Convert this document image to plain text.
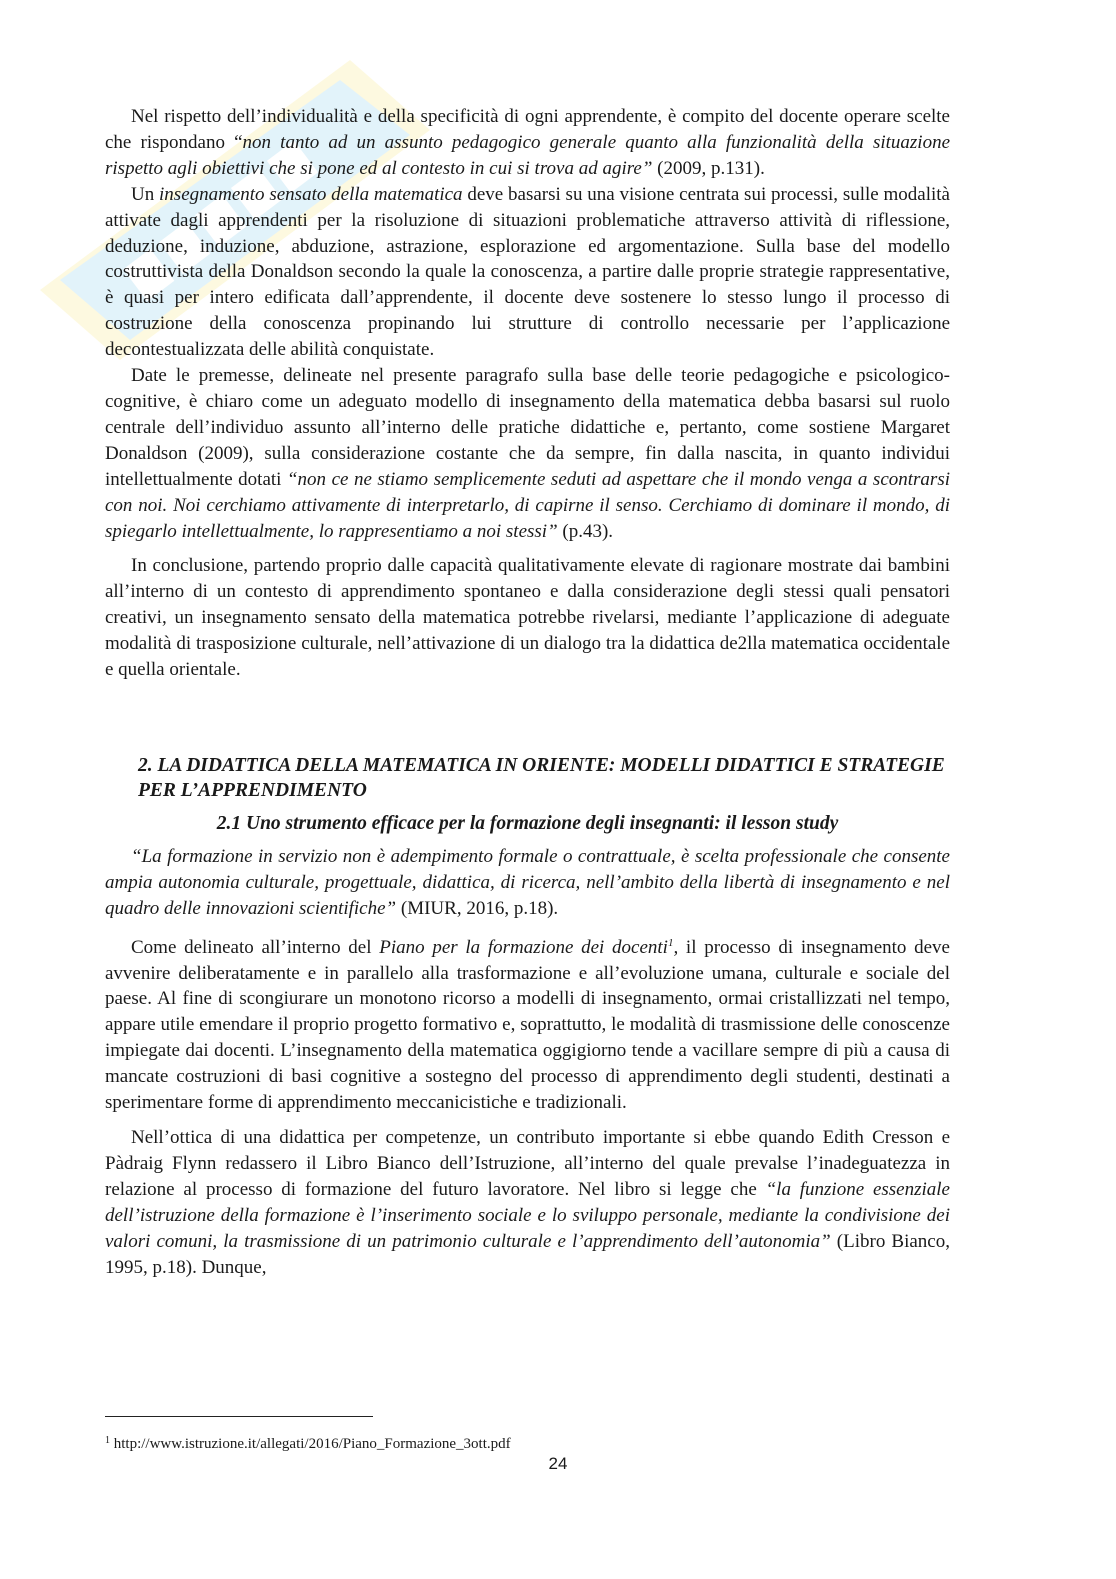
Nel rispetto dell’individualità e della specificità di ogni apprendente, è compito del docente operare scelte che rispondano “non tanto ad un assunto pedagogico generale quanto alla funzionalità della situazione rispetto agli obiettivi che si pone ed al contesto in cui si trova ad agire” (2009, p.131).

Un insegnamento sensato della matematica deve basarsi su una visione centrata sui processi, sulle modalità attivate dagli apprendenti per la risoluzione di situazioni problematiche attraverso attività di riflessione, deduzione, induzione, abduzione, astrazione, esplorazione ed argomentazione. Sulla base del modello costruttivista della Donaldson secondo la quale la conoscenza, a partire dalle proprie strategie rappresentative, è quasi per intero edificata dall’apprendente, il docente deve sostenere lo stesso lungo il processo di costruzione della conoscenza propinando lui strutture di controllo necessarie per l’applicazione decontestualizzata delle abilità conquistate.

Date le premesse, delineate nel presente paragrafo sulla base delle teorie pedagogiche e psicologico-cognitive, è chiaro come un adeguato modello di insegnamento della matematica debba basarsi sul ruolo centrale dell’individuo assunto all’interno delle pratiche didattiche e, pertanto, come sostiene Margaret Donaldson (2009), sulla considerazione costante che da sempre, fin dalla nascita, in quanto individui intellettualmente dotati “non ce ne stiamo semplicemente seduti ad aspettare che il mondo venga a scontrarsi con noi. Noi cerchiamo attivamente di interpretarlo, di capirne il senso. Cerchiamo di dominare il mondo, di spiegarlo intellettualmente, lo rappresentiamo a noi stessi” (p.43).

In conclusione, partendo proprio dalle capacità qualitativamente elevate di ragionare mostrate dai bambini all’interno di un contesto di apprendimento spontaneo e dalla considerazione degli stessi quali pensatori creativi, un insegnamento sensato della matematica potrebbe rivelarsi, mediante l’applicazione di adeguate modalità di trasposizione culturale, nell’attivazione di un dialogo tra la didattica de2lla matematica occidentale e quella orientale.

2. LA DIDATTICA DELLA MATEMATICA IN ORIENTE: MODELLI DIDATTICI E STRATEGIE PER L’APPRENDIMENTO
2.1 Uno strumento efficace per la formazione degli insegnanti: il lesson study

“La formazione in servizio non è adempimento formale o contrattuale, è scelta professionale che consente ampia autonomia culturale, progettuale, didattica, di ricerca, nell’ambito della libertà di insegnamento e nel quadro delle innovazioni scientifiche” (MIUR, 2016, p.18).

Come delineato all’interno del Piano per la formazione dei docenti$^1$, il processo di insegnamento deve avvenire deliberatamente e in parallelo alla trasformazione e all’evoluzione umana, culturale e sociale del paese. Al fine di scongiurare un monotono ricorso a modelli di insegnamento, ormai cristallizzati nel tempo, appare utile emendare il proprio progetto formativo e, soprattutto, le modalità di trasmissione delle conoscenze impiegate dai docenti. L’insegnamento della matematica oggigiorno tende a vacillare sempre di più a causa di mancate costruzioni di basi cognitive a sostegno del processo di apprendimento degli studenti, destinati a sperimentare forme di apprendimento meccanicistiche e tradizionali.

Nell’ottica di una didattica per competenze, un contributo importante si ebbe quando Edith Cresson e Pàdraig Flynn redassero il Libro Bianco dell’Istruzione, all’interno del quale prevalse l’inadeguatezza in relazione al processo di formazione del futuro lavoratore. Nel libro si legge che “la funzione essenziale dell’istruzione della formazione è l’inserimento sociale e lo sviluppo personale, mediante la condivisione dei valori comuni, la trasmissione di un patrimonio culturale e l’apprendimento dell’autonomia” (Libro Bianco, 1995, p.18). Dunque,

$^1$ http://www.istruzione.it/allegati/2016/Piano_Formazione_3ott.pdf
24
